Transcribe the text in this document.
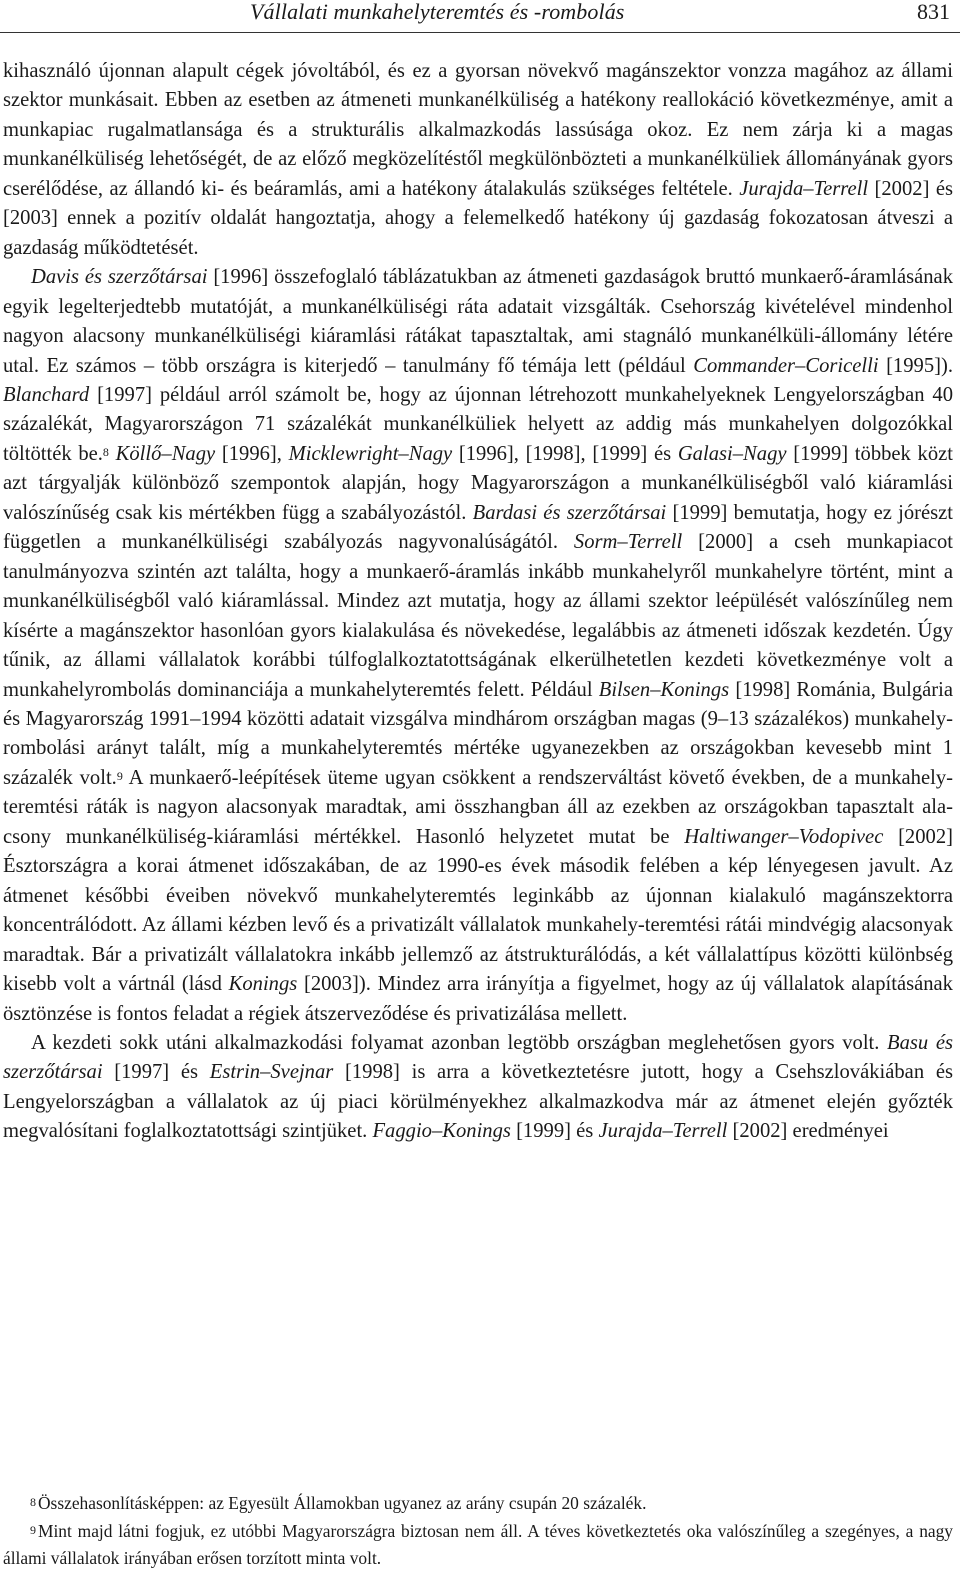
Vállalati munkahelyteremtés és -rombolás	831

kihasználó újonnan alapult cégek jóvoltából, és ez a gyorsan növekvő magánszektor vonzza magához az állami szektor munkásait. Ebben az esetben az átmeneti munkanélküliség a hatékony reallokáció következménye, amit a munkapiac rugalmatlansága és a strukturális alkalmazkodás lassúsága okoz. Ez nem zárja ki a magas munkanélküliség lehetőségét, de az előző megközelítéstől megkülönbözteti a munkanélküliek állományának gyors cserélődése, az állandó ki- és beáramlás, ami a hatékony átalakulás szükséges feltétele. Jurajda–Terrell [2002] és [2003] ennek a pozitív oldalát hangoztatja, ahogy a felemelkedő hatékony új gazdaság fokozatosan átveszi a gazdaság működtetését.

Davis és szerzőtársai [1996] összefoglaló táblázatukban az átmeneti gazdaságok bruttó munkaerő-áramlásának egyik legelterjedtebb mutatóját, a munkanélküliségi ráta adatait vizsgálták. Csehország kivételével mindenhol nagyon alacsony munkanélküliségi kiáramlási rátákat tapasztaltak, ami stagnáló munkanélküli-állomány létére utal. Ez számos – több országra is kiterjedő – tanulmány fő témája lett (például Commander–Coricelli [1995]). Blanchard [1997] például arról számolt be, hogy az újonnan létrehozott munkahelyeknek Lengyelországban 40 százalékát, Magyarországon 71 százalékát munkanélküliek helyett az addig más munkahelyen dolgozókkal töltötték be.$^8$ Köllő–Nagy [1996], Micklewright–Nagy [1996], [1998], [1999] és Galasi–Nagy [1999] többek közt azt tárgyalják különböző szempontok alapján, hogy Magyarországon a munkanélküliségből való kiáramlási valószínűség csak kis mértékben függ a szabályozástól. Bardasi és szerzőtársai [1999] bemutatja, hogy ez jórészt független a munkanélküliségi szabályozás nagyvonalúságától. Sorm–Terrell [2000] a cseh munkapiacot tanulmányozva szintén azt találta, hogy a munkaerő-áramlás inkább munkahelyről munkahelyre történt, mint a munkanélküliségből való kiáramlással. Mindez azt mutatja, hogy az állami szektor leépülését valószínűleg nem kísérte a magánszektor hasonlóan gyors kialakulása és növekedése, legalábbis az átmeneti időszak kezdetén. Úgy tűnik, az állami vállalatok korábbi túlfoglalkoztatottságának elkerülhetetlen kezdeti következménye volt a munkahelyrombolás dominanciája a munkahelyteremtés felett. Például Bilsen–Konings [1998] Románia, Bulgária és Magyarország 1991–1994 közötti adatait vizsgálva mindhárom országban magas (9–13 százalékos) munkahely-rombolási arányt talált, míg a munkahelyteremtés mértéke ugyanezekben az országokban kevesebb mint 1 százalék volt.$^9$ A munkaerő-leépítések üteme ugyan csökkent a rendszerváltást követő években, de a munkahely-teremtési ráták is nagyon alacsonyak maradtak, ami összhangban áll az ezekben az országokban tapasztalt alacsony munkanélküliség-kiáramlási mértékkel. Hasonló helyzetet mutat be Haltiwanger–Vodopivec [2002] Észtországra a korai átmenet időszakában, de az 1990-es évek második felében a kép lényegesen javult. Az átmenet későbbi éveiben növekvő munkahelyteremtés leginkább az újonnan kialakuló magánszektorra koncentrálódott. Az állami kézben levő és a privatizált vállalatok munkahely-teremtési rátái mindvégig alacsonyak maradtak. Bár a privatizált vállalatokra inkább jellemző az átstrukturálódás, a két vállalattípus közötti különbség kisebb volt a vártnál (lásd Konings [2003]). Mindez arra irányítja a figyelmet, hogy az új vállalatok alapításának ösztönzése is fontos feladat a régiek átszerveződése és privatizálása mellett.

A kezdeti sokk utáni alkalmazkodási folyamat azonban legtöbb országban meglehetősen gyors volt. Basu és szerzőtársai [1997] és Estrin–Svejnar [1998] is arra a következtetésre jutott, hogy a Csehszlovákiában és Lengyelországban a vállalatok az új piaci körülményekhez alkalmazkodva már az átmenet elején győzték megvalósítani foglalkoztatottsági szintjüket. Faggio–Konings [1999] és Jurajda–Terrell [2002] eredményei

$^8$ Összehasonlításképpen: az Egyesült Államokban ugyanez az arány csupán 20 százalék.

$^9$ Mint majd látni fogjuk, ez utóbbi Magyarországra biztosan nem áll. A téves következtetés oka valószínűleg a szegényes, a nagy állami vállalatok irányában erősen torzított minta volt.
